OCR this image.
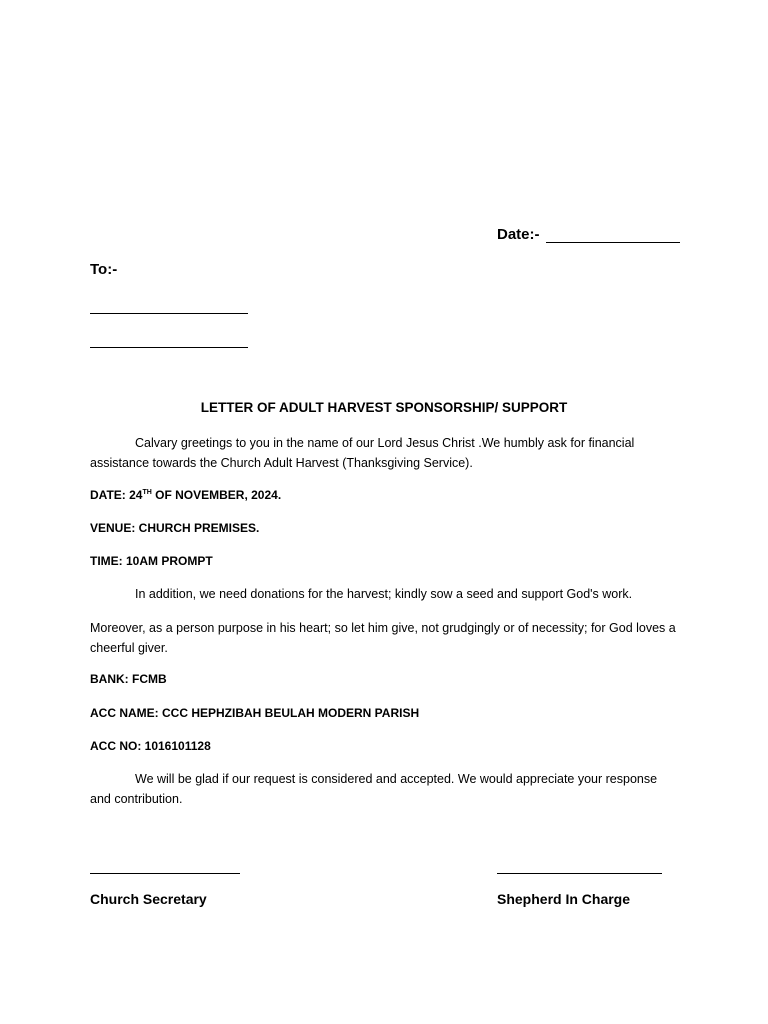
Date:-
To:-
LETTER OF ADULT HARVEST SPONSORSHIP/ SUPPORT
Calvary greetings to you in the name of our Lord Jesus Christ .We humbly ask for financial assistance towards the Church Adult Harvest (Thanksgiving Service).
DATE: 24TH OF NOVEMBER, 2024.
VENUE: CHURCH PREMISES.
TIME: 10AM PROMPT
In addition, we need donations for the harvest; kindly sow a seed and support God's work.
Moreover, as a person purpose in his heart; so let him give, not grudgingly or of necessity; for God loves a cheerful giver.
BANK: FCMB
ACC NAME: CCC HEPHZIBAH BEULAH MODERN PARISH
ACC NO: 1016101128
We will be glad if our request is considered and accepted. We would appreciate your response and contribution.
Church Secretary	Shepherd In Charge
